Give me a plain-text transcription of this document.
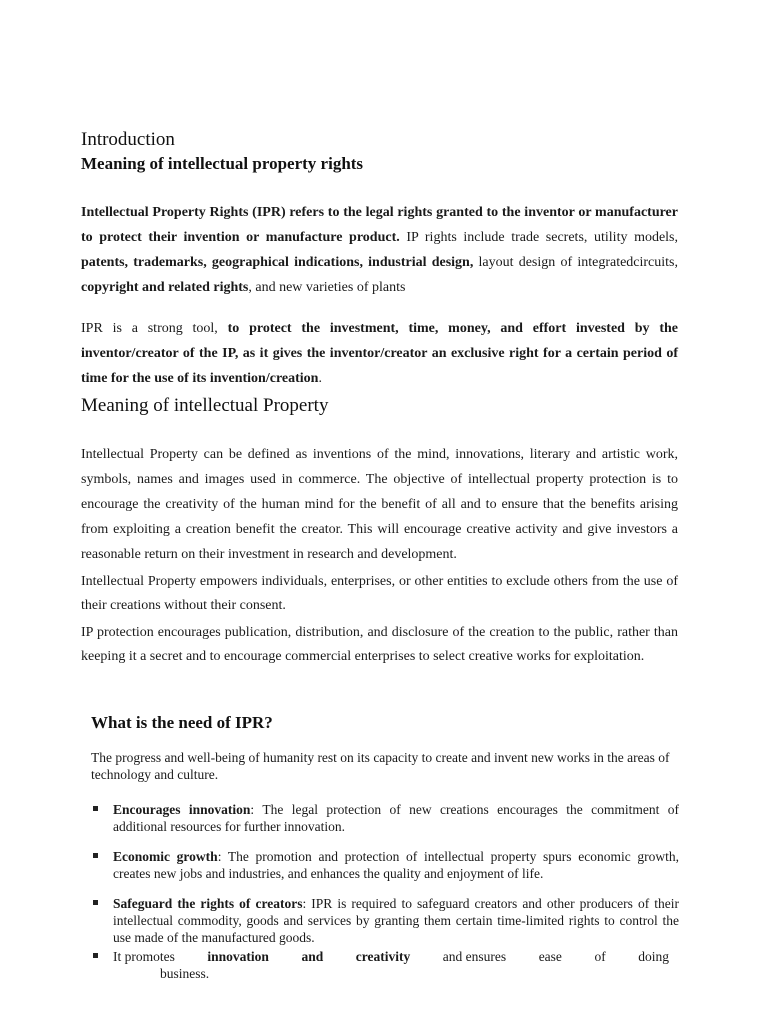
Introduction
Meaning of intellectual property rights

Intellectual Property Rights (IPR) refers to the legal rights granted to the inventor or manufacturer to protect their invention or manufacture product. IP rights include trade secrets, utility models, patents, trademarks, geographical indications, industrial design, layout design of integratedcircuits, copyright and related rights, and new varieties of plants

IPR is a strong tool, to protect the investment, time, money, and effort invested by the inventor/creator of the IP, as it gives the inventor/creator an exclusive right for a certain period of time for the use of its invention/creation.

Meaning of intellectual Property

Intellectual Property can be defined as inventions of the mind, innovations, literary and artistic work, symbols, names and images used in commerce. The objective of intellectual property protection is to encourage the creativity of the human mind for the benefit of all and to ensure that the benefits arising from exploiting a creation benefit the creator. This will encourage creative activity and give investors a reasonable return on their investment in research and development.

Intellectual Property empowers individuals, enterprises, or other entities to exclude others from the use of their creations without their consent.

IP protection encourages publication, distribution, and disclosure of the creation to the public, rather than keeping it a secret and to encourage commercial enterprises to select creative works for exploitation.

What is the need of IPR?

The progress and well-being of humanity rest on its capacity to create and invent new works in the areas of technology and culture.

Encourages innovation: The legal protection of new creations encourages the commitment of additional resources for further innovation.
Economic growth: The promotion and protection of intellectual property spurs economic growth, creates new jobs and industries, and enhances the quality and enjoyment of life.
Safeguard the rights of creators: IPR is required to safeguard creators and other producers of their intellectual commodity, goods and services by granting them certain time-limited rights to control the use made of the manufactured goods.
It promotes innovation and creativity and ensures ease of doing
business.
